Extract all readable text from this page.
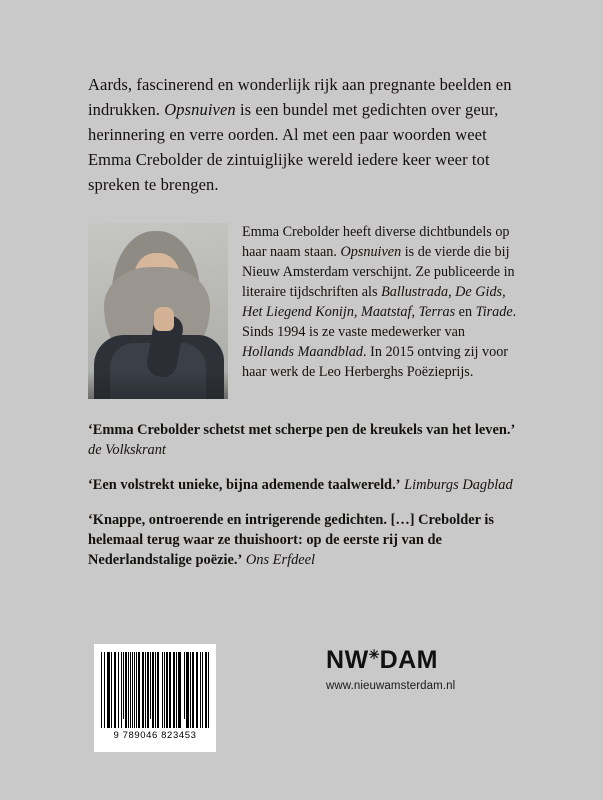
Aards, fascinerend en wonderlijk rijk aan pregnante beelden en indrukken. Opsnuiven is een bundel met gedichten over geur, herinnering en verre oorden. Al met een paar woorden weet Emma Crebolder de zintuiglijke wereld iedere keer weer tot spreken te brengen.

Emma Crebolder heeft diverse dichtbundels op haar naam staan. Opsnuiven is de vierde die bij Nieuw Amsterdam verschijnt. Ze publiceerde in literaire tijdschriften als Ballustrada, De Gids, Het Liegend Konijn, Maatstaf, Terras en Tirade. Sinds 1994 is ze vaste medewerker van Hollands Maandblad. In 2015 ontving zij voor haar werk de Leo Herberghs Poëzieprijs.

‘Emma Crebolder schetst met scherpe pen de kreukels van het leven.’ de Volkskrant

‘Een volstrekt unieke, bijna ademende taalwereld.’ Limburgs Dagblad

‘Knappe, ontroerende en intrigerende gedichten. […] Crebolder is helemaal terug waar ze thuishoort: op de eerste rij van de Nederlandstalige poëzie.’ Ons Erfdeel

9 789046 823453
NW✳DAM
www.nieuwamsterdam.nl
